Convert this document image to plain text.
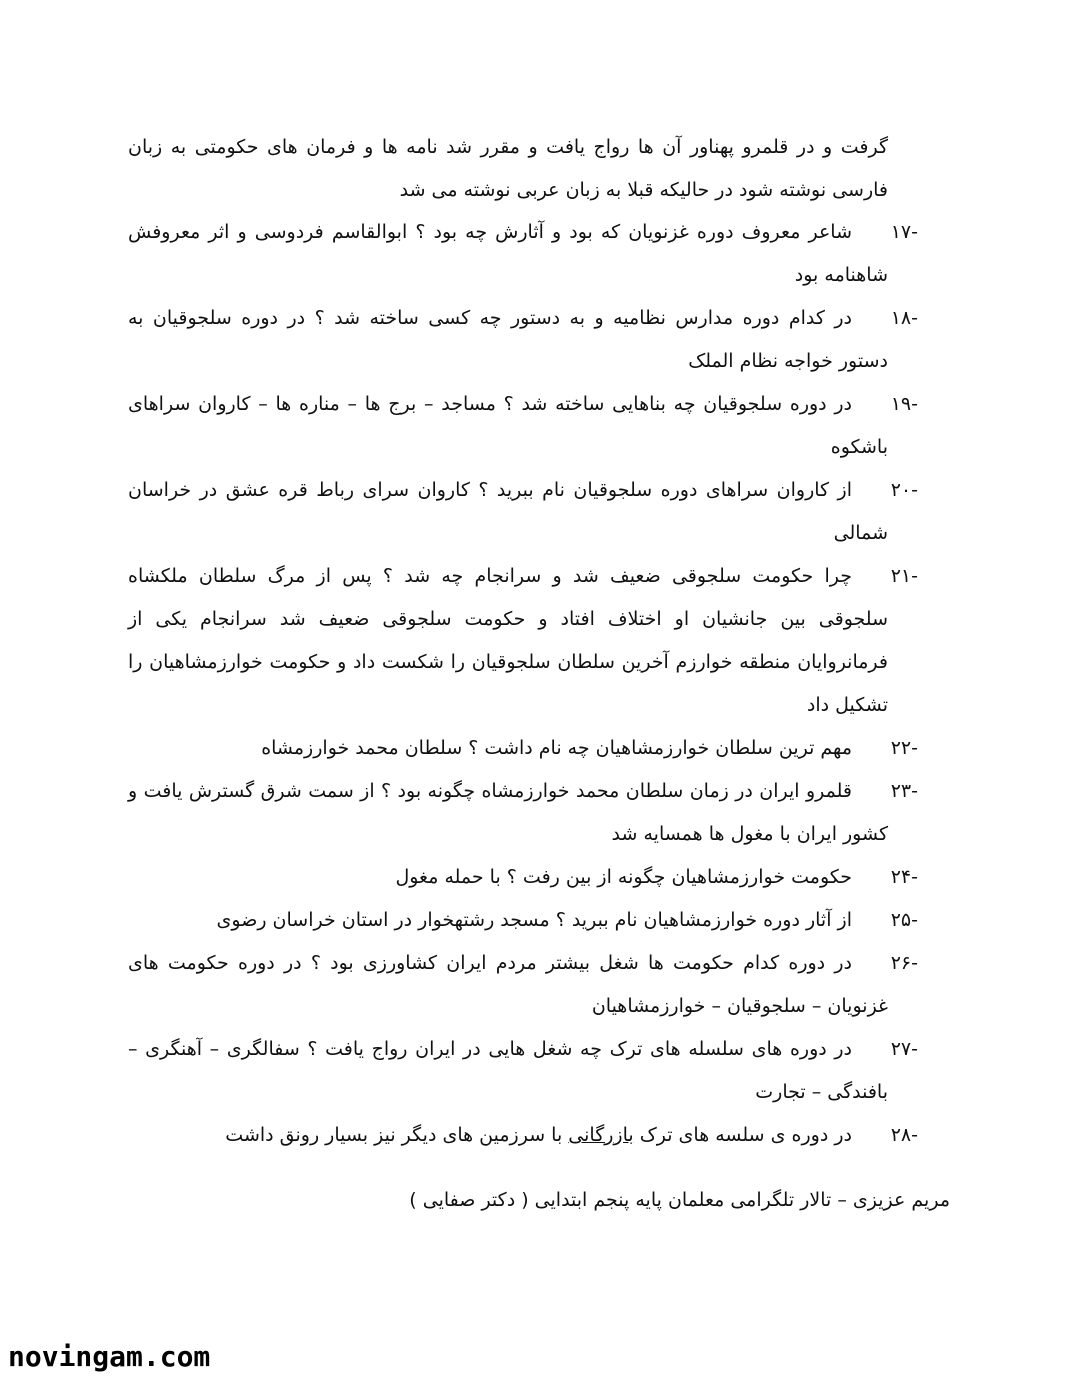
گرفت و در قلمرو پهناور آن ها رواج یافت و مقرر شد نامه ها و فرمان های حکومتی به زبان فارسی نوشته شود در حالیکه قبلا به زبان عربی نوشته می شد
-۱۷
شاعر معروف دوره غزنویان که بود و آثارش چه بود ؟ ابوالقاسم فردوسی و اثر معروفش شاهنامه بود
-۱۸
در کدام دوره مدارس نظامیه و به دستور چه کسی ساخته شد ؟ در دوره سلجوقیان به دستور خواجه نظام الملک
-۱۹
در دوره سلجوقیان چه بناهایی ساخته شد ؟ مساجد – برج ها – مناره ها – کاروان سراهای باشکوه
-۲۰
از کاروان سراهای دوره سلجوقیان نام ببرید ؟ کاروان سرای رباط قره عشق در خراسان شمالی
-۲۱
چرا حکومت سلجوقی ضعیف شد و سرانجام چه شد ؟ پس از مرگ سلطان ملکشاه سلجوقی بین جانشیان او اختلاف افتاد و حکومت سلجوقی ضعیف شد سرانجام یکی از فرمانروایان منطقه خوارزم آخرین سلطان سلجوقیان را شکست داد و حکومت خوارزمشاهیان را تشکیل داد
-۲۲
مهم ترین سلطان خوارزمشاهیان چه نام داشت ؟ سلطان محمد خوارزمشاه
-۲۳
قلمرو ایران در زمان سلطان محمد خوارزمشاه چگونه بود ؟ از سمت شرق گسترش یافت و کشور ایران با مغول ها همسایه شد
-۲۴
حکومت خوارزمشاهیان چگونه از بین رفت ؟ با حمله مغول
-۲۵
از آثار دوره خوارزمشاهیان نام ببرید ؟ مسجد رشتهخوار در استان خراسان رضوی
-۲۶
در دوره کدام حکومت ها شغل بیشتر مردم ایران کشاورزی بود ؟ در دوره حکومت های غزنویان – سلجوقیان – خوارزمشاهیان
-۲۷
در دوره های سلسله های ترک چه شغل هایی در ایران رواج یافت ؟ سفالگری – آهنگری – بافندگی – تجارت
-۲۸
در دوره ی سلسه های ترک بازرگانی با سرزمین های دیگر نیز بسیار رونق داشت
مریم عزیزی – تالار تلگرامی معلمان پایه پنجم ابتدایی ( دکتر صفایی )
novingam.com
